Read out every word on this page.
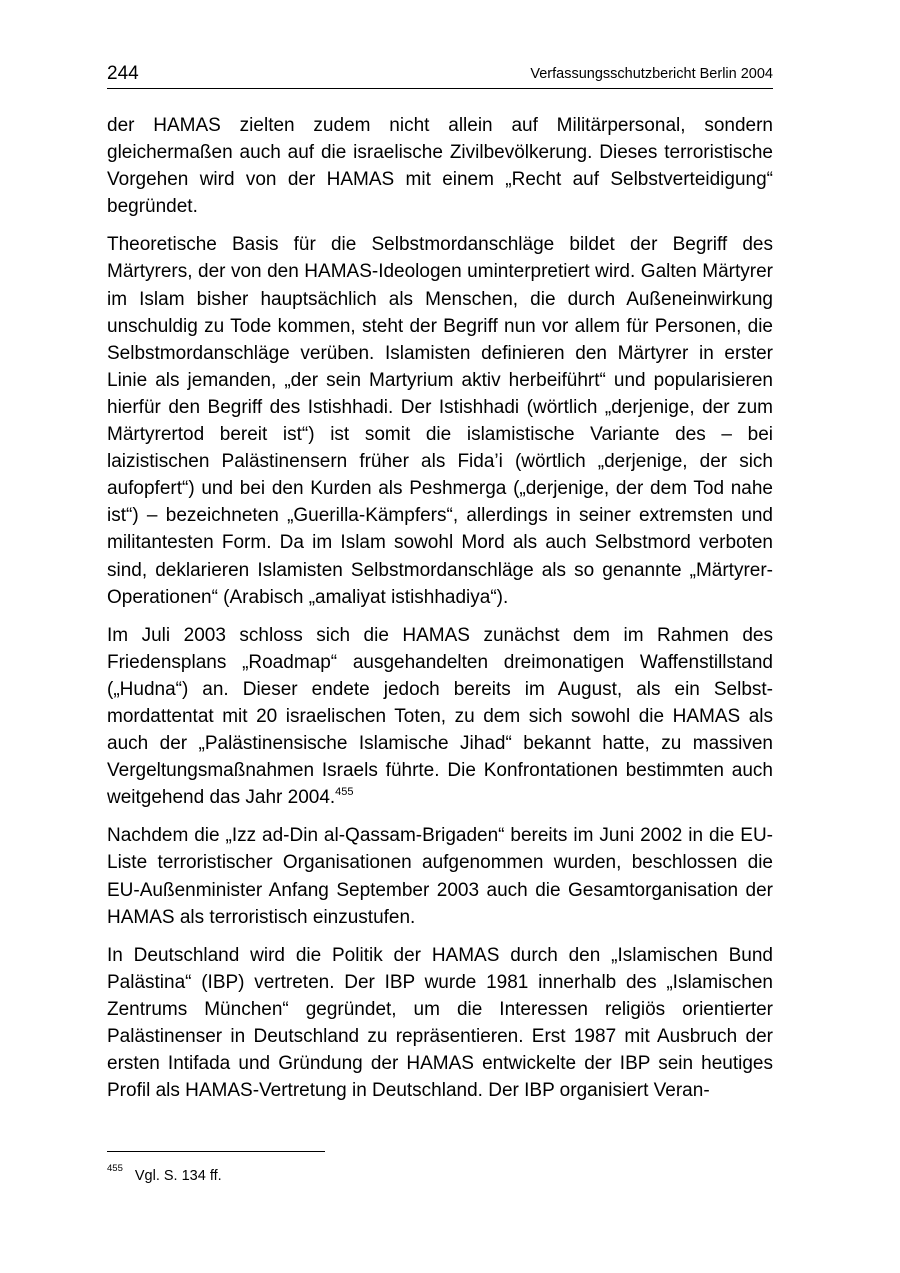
244	Verfassungsschutzbericht Berlin 2004

der HAMAS zielten zudem nicht allein auf Militärpersonal, sondern gleichermaßen auch auf die israelische Zivilbevölkerung. Dieses terroristische Vorgehen wird von der HAMAS mit einem „Recht auf Selbstverteidigung“ begründet.

Theoretische Basis für die Selbstmordanschläge bildet der Begriff des Märtyrers, der von den HAMAS-Ideologen uminterpretiert wird. Galten Märtyrer im Islam bisher hauptsächlich als Menschen, die durch Außeneinwirkung unschuldig zu Tode kommen, steht der Begriff nun vor allem für Personen, die Selbstmordanschläge verüben. Islamisten definieren den Märtyrer in erster Linie als jemanden, „der sein Martyrium aktiv herbeiführt“ und popularisieren hierfür den Begriff des Istishhadi. Der Istishhadi (wörtlich „derjenige, der zum Märtyrertod bereit ist“) ist somit die islamistische Variante des – bei laizistischen Palästinensern früher als Fida’i (wörtlich „derjenige, der sich aufopfert“) und bei den Kurden als Peshmerga („derjenige, der dem Tod nahe ist“) – bezeichneten „Guerilla-Kämpfers“, allerdings in seiner extremsten und militantesten Form. Da im Islam sowohl Mord als auch Selbstmord verboten sind, deklarieren Islamisten Selbstmordanschläge als so genannte „Märtyrer-Operationen“ (Arabisch „amaliyat istishhadiya“).

Im Juli 2003 schloss sich die HAMAS zunächst dem im Rahmen des Friedensplans „Roadmap“ ausgehandelten dreimonatigen Waffenstillstand („Hudna“) an. Dieser endete jedoch bereits im August, als ein Selbstmordattentat mit 20 israelischen Toten, zu dem sich sowohl die HAMAS als auch der „Palästinensische Islamische Jihad“ bekannt hatte, zu massiven Vergeltungsmaßnahmen Israels führte. Die Konfrontationen bestimmten auch weitgehend das Jahr 2004.$^{455}$

Nachdem die „Izz ad-Din al-Qassam-Brigaden“ bereits im Juni 2002 in die EU-Liste terroristischer Organisationen aufgenommen wurden, beschlossen die EU-Außenminister Anfang September 2003 auch die Gesamtorganisation der HAMAS als terroristisch einzustufen.

In Deutschland wird die Politik der HAMAS durch den „Islamischen Bund Palästina“ (IBP) vertreten. Der IBP wurde 1981 innerhalb des „Islamischen Zentrums München“ gegründet, um die Interessen religiös orientierter Palästinenser in Deutschland zu repräsentieren. Erst 1987 mit Ausbruch der ersten Intifada und Gründung der HAMAS entwickelte der IBP sein heutiges Profil als HAMAS-Vertretung in Deutschland. Der IBP organisiert Veran-

$^{455}$ Vgl. S. 134 ff.
